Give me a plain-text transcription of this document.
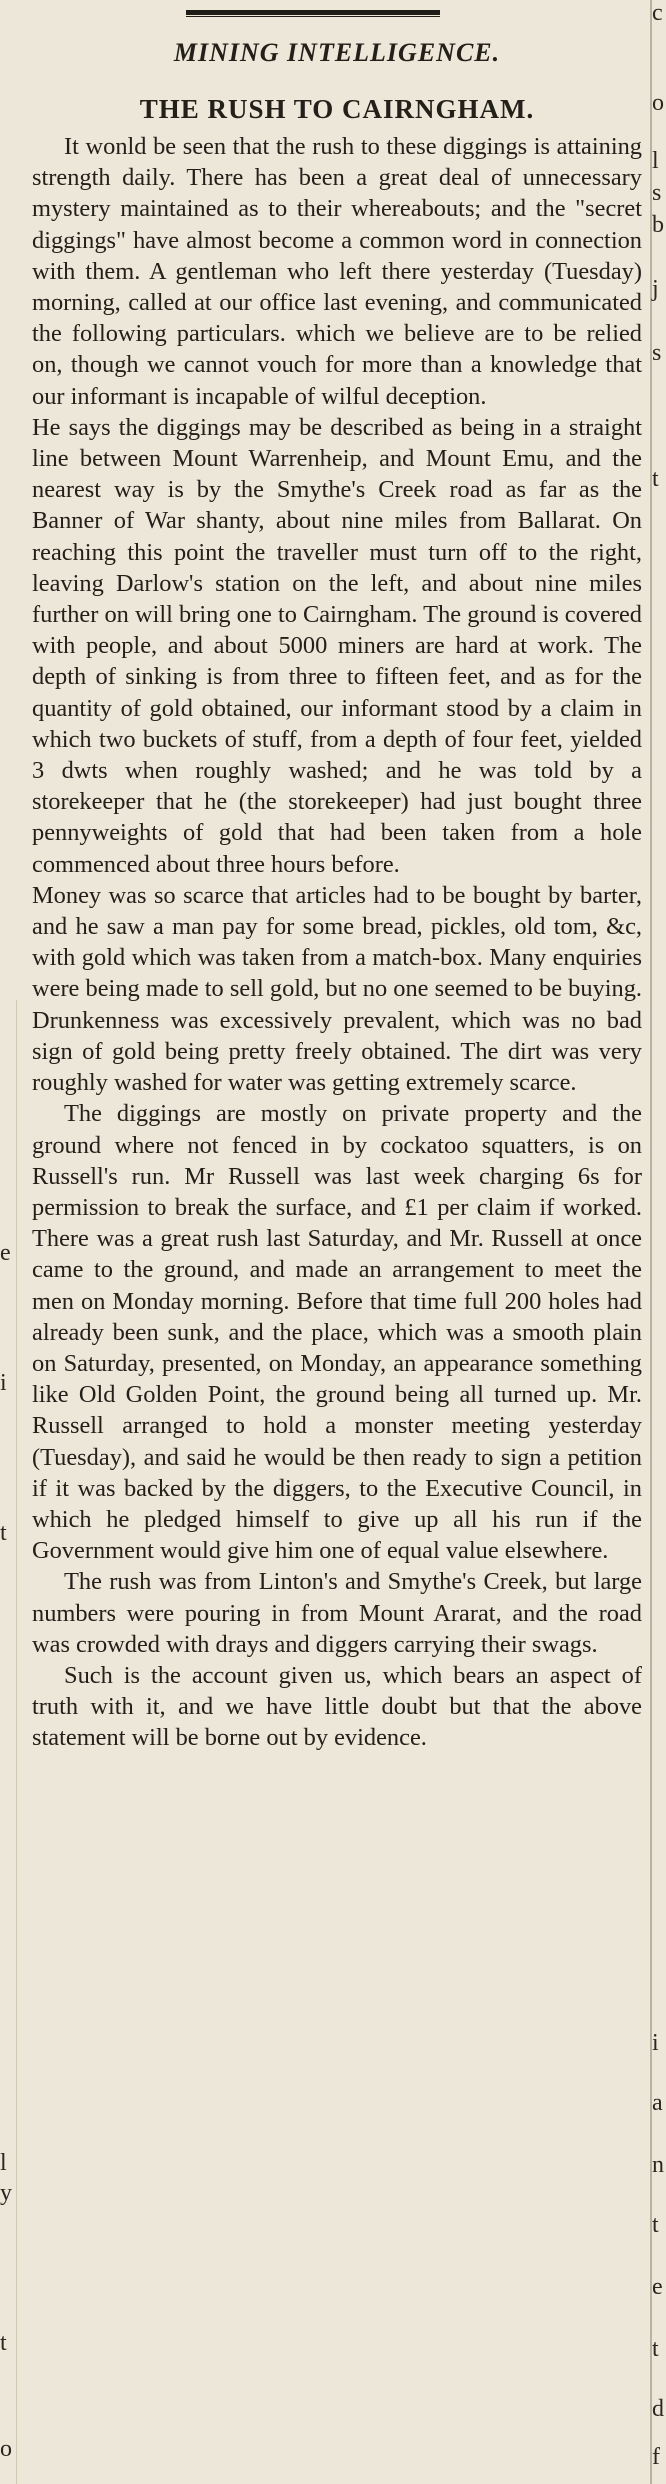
MINING INTELLIGENCE.
THE RUSH TO CAIRNGHAM.

It wonld be seen that the rush to these diggings is attaining strength daily. There has been a great deal of unnecessary mystery maintained as to their whereabouts; and the "secret diggings" have almost become a common word in connection with them. A gentleman who left there yesterday (Tuesday) morning, called at our office last evening, and communicated the following particulars. which we believe are to be relied on, though we cannot vouch for more than a knowledge that our informant is incapable of wilful deception.

He says the diggings may be described as being in a straight line between Mount Warrenheip, and Mount Emu, and the nearest way is by the Smythe's Creek road as far as the Banner of War shanty, about nine miles from Ballarat. On reaching this point the traveller must turn off to the right, leaving Darlow's station on the left, and about nine miles further on will bring one to Cairngham. The ground is covered with people, and about 5000 miners are hard at work. The depth of sinking is from three to fifteen feet, and as for the quantity of gold obtained, our informant stood by a claim in which two buckets of stuff, from a depth of four feet, yielded 3 dwts when roughly washed; and he was told by a storekeeper that he (the storekeeper) had just bought three pennyweights of gold that had been taken from a hole commenced about three hours before.

Money was so scarce that articles had to be bought by barter, and he saw a man pay for some bread, pickles, old tom, &c, with gold which was taken from a match-box. Many enquiries were being made to sell gold, but no one seemed to be buying. Drunkenness was excessively prevalent, which was no bad sign of gold being pretty freely obtained. The dirt was very roughly washed for water was getting extremely scarce.

The diggings are mostly on private property and the ground where not fenced in by cockatoo squatters, is on Russell's run. Mr Russell was last week charging 6s for permission to break the surface, and £1 per claim if worked. There was a great rush last Saturday, and Mr. Russell at once came to the ground, and made an arrangement to meet the men on Monday morning. Before that time full 200 holes had already been sunk, and the place, which was a smooth plain on Saturday, presented, on Monday, an appearance something like Old Golden Point, the ground being all turned up. Mr. Russell arranged to hold a monster meeting yesterday (Tuesday), and said he would be then ready to sign a petition if it was backed by the diggers, to the Executive Council, in which he pledged himself to give up all his run if the Government would give him one of equal value elsewhere.

The rush was from Linton's and Smythe's Creek, but large numbers were pouring in from Mount Ararat, and the road was crowded with drays and diggers carrying their swags.

Such is the account given us, which bears an aspect of truth with it, and we have little doubt but that the above statement will be borne out by evidence.

c
o
l
s
b
j
s
t
i
a
n
t
e
t
d
f
e
i
t
l
y
t
o
